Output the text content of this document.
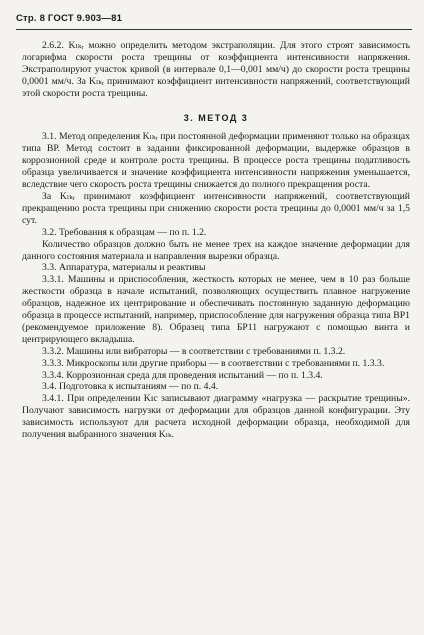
Стр. 8 ГОСТ 9.903—81

2.6.2. Kₗₖᵣ можно определить методом экстраполяции. Для этого строят зависимость логарифма скорости роста трещины от коэффициента интенсивности напряжения. Экстраполируют участок кривой (в интервале 0,1—0,001 мм/ч) до скорости роста трещины 0,0001 мм/ч. За Kₗₖᵣ принимают коэффициент интенсивности напряжений, соответствующий этой скорости роста трещины.

3. МЕТОД 3

3.1. Метод определения Kₗₖᵣ при постоянной деформации применяют только на образцах типа ВР. Метод состоит в задании фиксированной деформации, выдержке образцов в коррозионной среде и контроле роста трещины. В процессе роста трещины податливость образца увеличивается и значение коэффициента интенсивности напряжения уменьшается, вследствие чего скорость роста трещины снижается до полного прекращения роста.

За Kₗₖᵣ принимают коэффициент интенсивности напряжений, соответствующий прекращению роста трещины при снижению скорости роста трещины до 0,0001 мм/ч за 1,5 сут.

3.2. Требования к образцам — по п. 1.2.

Количество образцов должно быть не менее трех на каждое значение деформации для данного состояния материала и направления вырезки образца.

3.3. Аппаратура, материалы и реактивы

3.3.1. Машины и приспособления, жесткость которых не менее, чем в 10 раз больше жесткости образца в начале испытаний, позволяющих осуществить плавное нагружение образцов, надежное их центрирование и обеспечивать постоянную заданную деформацию образца в процессе испытаний, например, приспособление для нагружения образца типа ВР1 (рекомендуемое приложение 8). Образец типа БР11 нагружают с помощью винта и центрирующего вкладыша.

3.3.2. Машины или вибраторы — в соответствии с требованиями п. 1.3.2.

3.3.3. Микроскопы или другие приборы — в соответствии с требованиями п. 1.3.3.

3.3.4. Коррозионная среда для проведения испытаний — по п. 1.3.4.

3.4. Подготовка к испытаниям — по п. 4.4.

3.4.1. При определении Kɪc записывают диаграмму «нагрузка — раскрытие трещины». Получают зависимость нагрузки от деформации для образцов данной конфигурации. Эту зависимость используют для расчета исходной деформации образца, необходимой для получения выбранного значения Kₗₖ.
